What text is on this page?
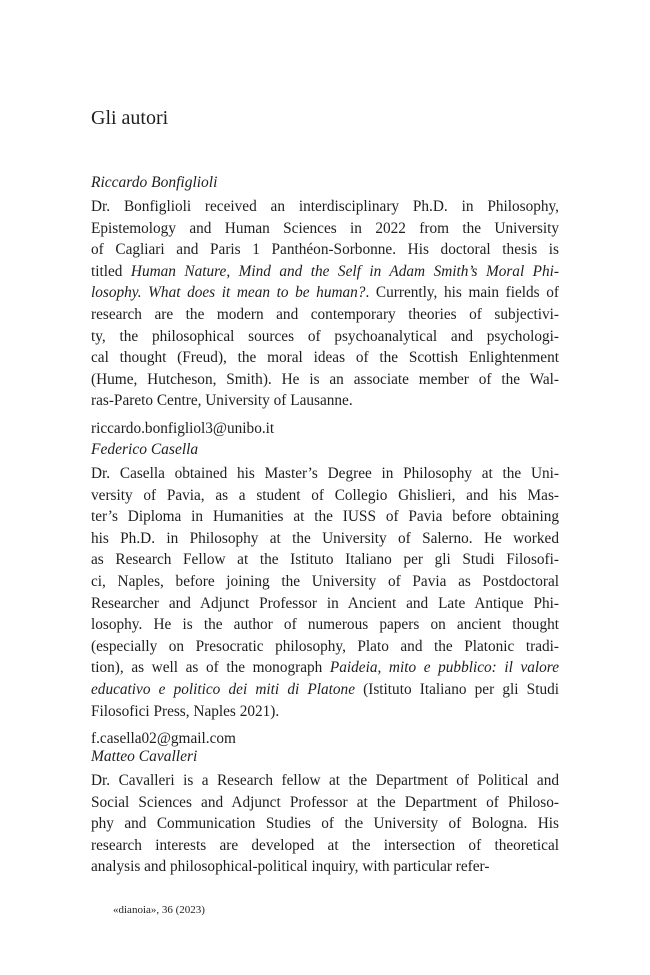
Gli autori
Riccardo Bonfiglioli
Dr. Bonfiglioli received an interdisciplinary Ph.D. in Philosophy,
Epistemology and Human Sciences in 2022 from the University
of Cagliari and Paris 1 Panthéon-Sorbonne. His doctoral thesis is
titled Human Nature, Mind and the Self in Adam Smith’s Moral Phi-
losophy. What does it mean to be human?. Currently, his main fields of
research are the modern and contemporary theories of subjectivi-
ty, the philosophical sources of psychoanalytical and psychologi-
cal thought (Freud), the moral ideas of the Scottish Enlightenment
(Hume, Hutcheson, Smith). He is an associate member of the Wal-
ras-Pareto Centre, University of Lausanne.
riccardo.bonfigliol3@unibo.it
Federico Casella
Dr. Casella obtained his Master’s Degree in Philosophy at the Uni-
versity of Pavia, as a student of Collegio Ghislieri, and his Mas-
ter’s Diploma in Humanities at the IUSS of Pavia before obtaining
his Ph.D. in Philosophy at the University of Salerno. He worked
as Research Fellow at the Istituto Italiano per gli Studi Filosofi-
ci, Naples, before joining the University of Pavia as Postdoctoral
Researcher and Adjunct Professor in Ancient and Late Antique Phi-
losophy. He is the author of numerous papers on ancient thought
(especially on Presocratic philosophy, Plato and the Platonic tradi-
tion), as well as of the monograph Paideia, mito e pubblico: il valore
educativo e politico dei miti di Platone (Istituto Italiano per gli Studi
Filosofici Press, Naples 2021).
f.casella02@gmail.com
Matteo Cavalleri
Dr. Cavalleri is a Research fellow at the Department of Political and
Social Sciences and Adjunct Professor at the Department of Philoso-
phy and Communication Studies of the University of Bologna. His
research interests are developed at the intersection of theoretical
analysis and philosophical-political inquiry, with particular refer-
«dianoia», 36 (2023)
